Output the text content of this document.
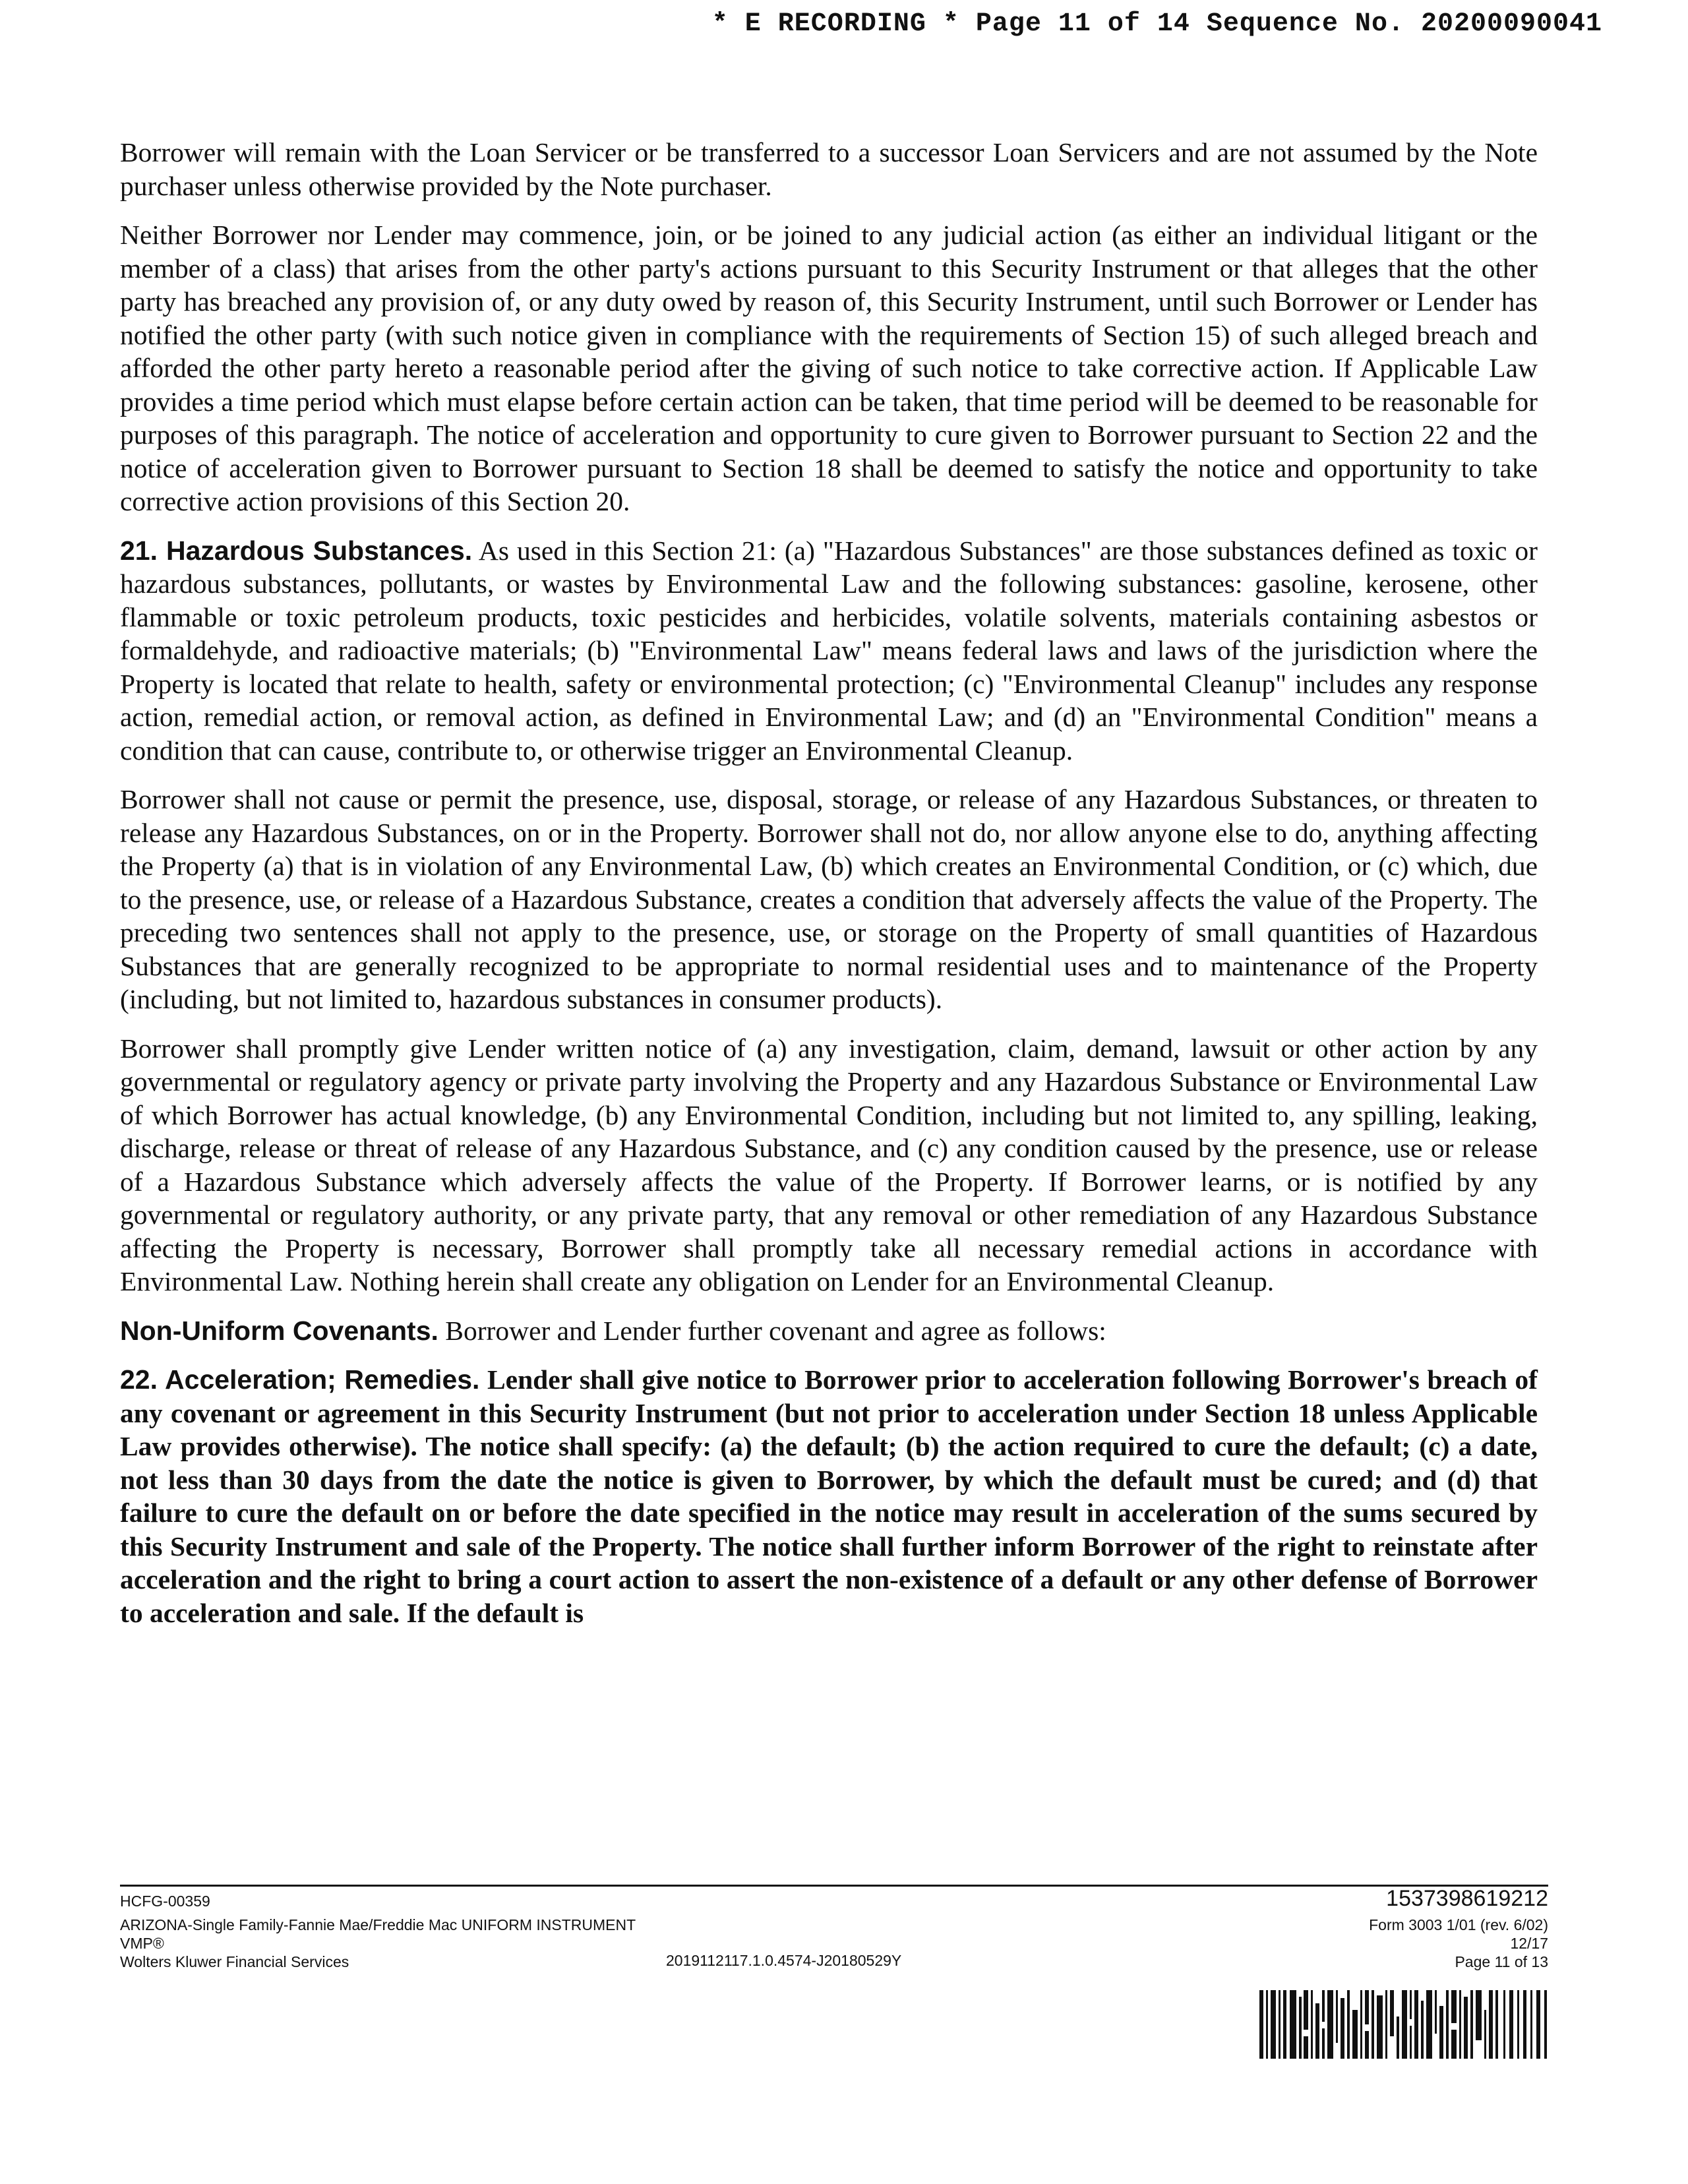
* E RECORDING * Page 11 of 14 Sequence No. 20200090041

Borrower will remain with the Loan Servicer or be transferred to a successor Loan Servicers and are not assumed by the Note purchaser unless otherwise provided by the Note purchaser.

Neither Borrower nor Lender may commence, join, or be joined to any judicial action (as either an individual litigant or the member of a class) that arises from the other party's actions pursuant to this Security Instrument or that alleges that the other party has breached any provision of, or any duty owed by reason of, this Security Instrument, until such Borrower or Lender has notified the other party (with such notice given in compliance with the requirements of Section 15) of such alleged breach and afforded the other party hereto a reasonable period after the giving of such notice to take corrective action. If Applicable Law provides a time period which must elapse before certain action can be taken, that time period will be deemed to be reasonable for purposes of this paragraph. The notice of acceleration and opportunity to cure given to Borrower pursuant to Section 22 and the notice of acceleration given to Borrower pursuant to Section 18 shall be deemed to satisfy the notice and opportunity to take corrective action provisions of this Section 20.

21. Hazardous Substances. As used in this Section 21: (a) "Hazardous Substances" are those substances defined as toxic or hazardous substances, pollutants, or wastes by Environmental Law and the following substances: gasoline, kerosene, other flammable or toxic petroleum products, toxic pesticides and herbicides, volatile solvents, materials containing asbestos or formaldehyde, and radioactive materials; (b) "Environmental Law" means federal laws and laws of the jurisdiction where the Property is located that relate to health, safety or environmental protection; (c) "Environmental Cleanup" includes any response action, remedial action, or removal action, as defined in Environmental Law; and (d) an "Environmental Condition" means a condition that can cause, contribute to, or otherwise trigger an Environmental Cleanup.

Borrower shall not cause or permit the presence, use, disposal, storage, or release of any Hazardous Substances, or threaten to release any Hazardous Substances, on or in the Property. Borrower shall not do, nor allow anyone else to do, anything affecting the Property (a) that is in violation of any Environmental Law, (b) which creates an Environmental Condition, or (c) which, due to the presence, use, or release of a Hazardous Substance, creates a condition that adversely affects the value of the Property. The preceding two sentences shall not apply to the presence, use, or storage on the Property of small quantities of Hazardous Substances that are generally recognized to be appropriate to normal residential uses and to maintenance of the Property (including, but not limited to, hazardous substances in consumer products).

Borrower shall promptly give Lender written notice of (a) any investigation, claim, demand, lawsuit or other action by any governmental or regulatory agency or private party involving the Property and any Hazardous Substance or Environmental Law of which Borrower has actual knowledge, (b) any Environmental Condition, including but not limited to, any spilling, leaking, discharge, release or threat of release of any Hazardous Substance, and (c) any condition caused by the presence, use or release of a Hazardous Substance which adversely affects the value of the Property. If Borrower learns, or is notified by any governmental or regulatory authority, or any private party, that any removal or other remediation of any Hazardous Substance affecting the Property is necessary, Borrower shall promptly take all necessary remedial actions in accordance with Environmental Law. Nothing herein shall create any obligation on Lender for an Environmental Cleanup.

Non-Uniform Covenants. Borrower and Lender further covenant and agree as follows:

22. Acceleration; Remedies. Lender shall give notice to Borrower prior to acceleration following Borrower's breach of any covenant or agreement in this Security Instrument (but not prior to acceleration under Section 18 unless Applicable Law provides otherwise). The notice shall specify: (a) the default; (b) the action required to cure the default; (c) a date, not less than 30 days from the date the notice is given to Borrower, by which the default must be cured; and (d) that failure to cure the default on or before the date specified in the notice may result in acceleration of the sums secured by this Security Instrument and sale of the Property. The notice shall further inform Borrower of the right to reinstate after acceleration and the right to bring a court action to assert the non-existence of a default or any other defense of Borrower to acceleration and sale. If the default is

HCFG-00359
ARIZONA-Single Family-Fannie Mae/Freddie Mac UNIFORM INSTRUMENT
VMP®
Wolters Kluwer Financial Services	2019112117.1.0.4574-J20180529Y
1537398619212
Form 3003 1/01 (rev. 6/02)
12/17
Page 11 of 13
